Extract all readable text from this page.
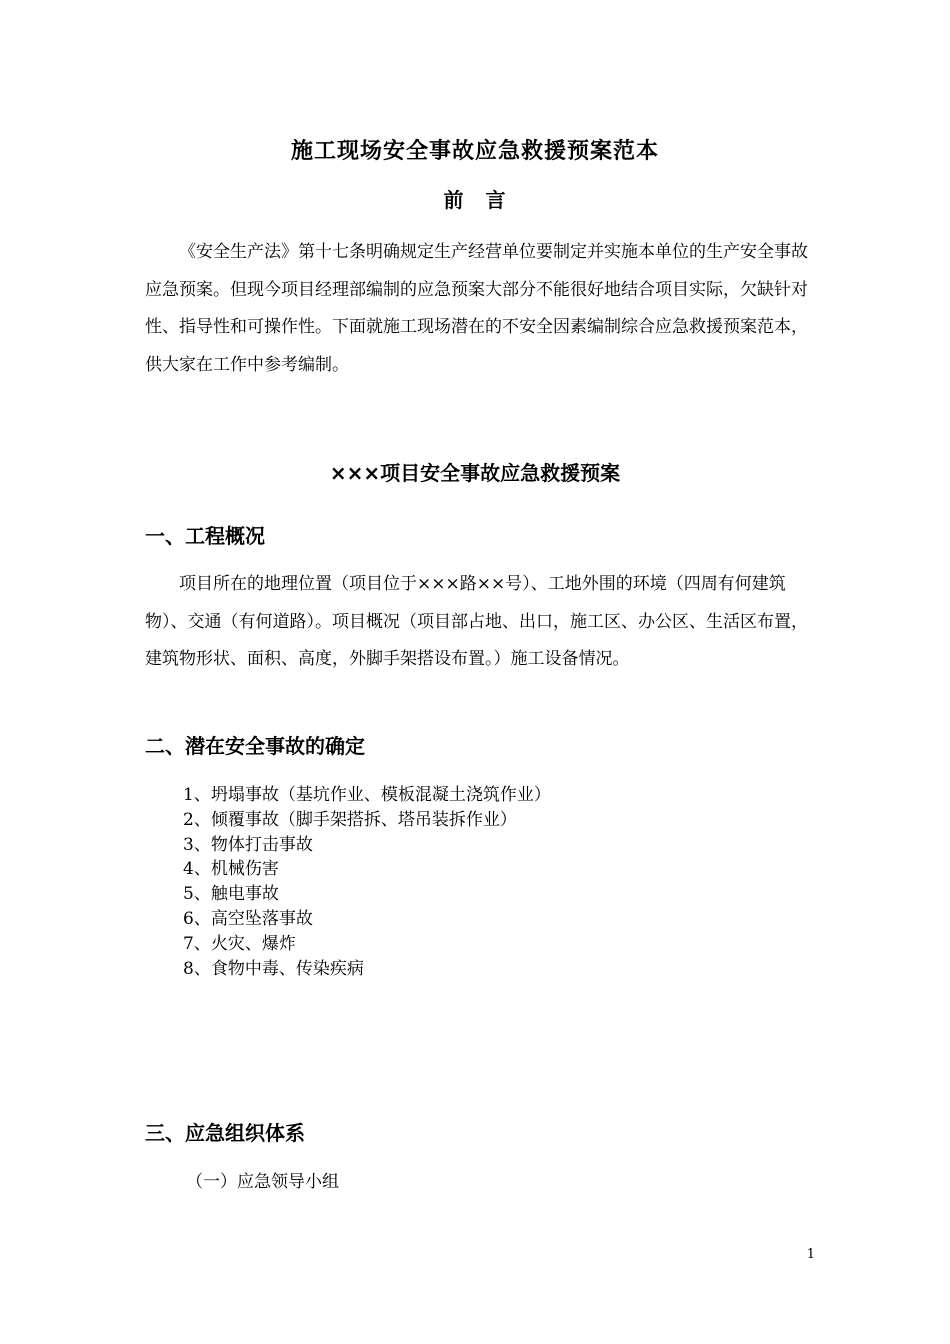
施工现场安全事故应急救援预案范本
前　言

《安全生产法》第十七条明确规定生产经营单位要制定并实施本单位的生产安全事故应急预案。但现今项目经理部编制的应急预案大部分不能很好地结合项目实际，欠缺针对性、指导性和可操作性。下面就施工现场潜在的不安全因素编制综合应急救援预案范本，供大家在工作中参考编制。

×××项目安全事故应急救援预案
一、工程概况

项目所在的地理位置（项目位于×××路××号）、工地外围的环境（四周有何建筑物）、交通（有何道路）。项目概况（项目部占地、出口，施工区、办公区、生活区布置，建筑物形状、面积、高度，外脚手架搭设布置。）施工设备情况。

二、潜在安全事故的确定
1、坍塌事故（基坑作业、模板混凝土浇筑作业）
2、倾覆事故（脚手架搭拆、塔吊装拆作业）
3、物体打击事故
4、机械伤害
5、触电事故
6、高空坠落事故
7、火灾、爆炸
8、食物中毒、传染疾病
三、应急组织体系
（一）应急领导小组
1
